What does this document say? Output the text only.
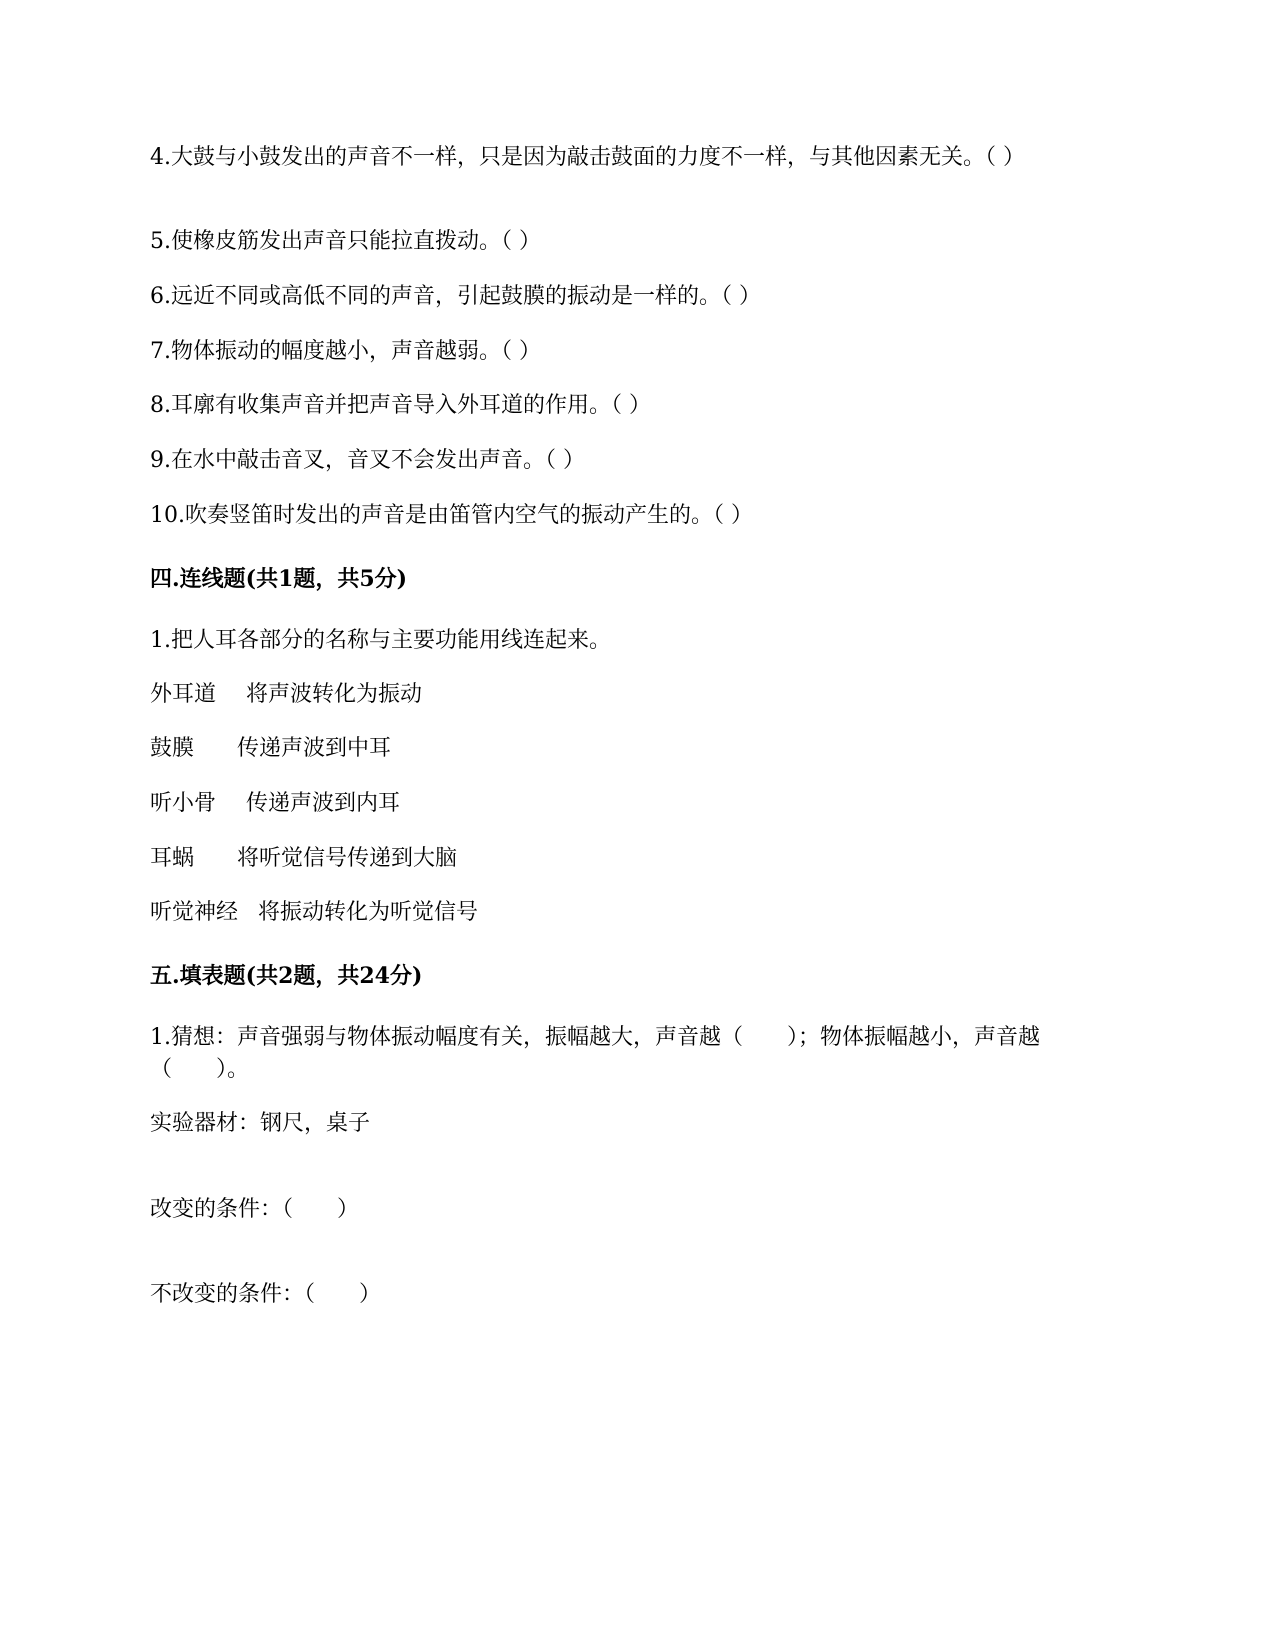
4.大鼓与小鼓发出的声音不一样，只是因为敲击鼓面的力度不一样，与其他因素无关。（ ）
5.使橡皮筋发出声音只能拉直拨动。（ ）
6.远近不同或高低不同的声音，引起鼓膜的振动是一样的。（ ）
7.物体振动的幅度越小，声音越弱。（ ）
8.耳廓有收集声音并把声音导入外耳道的作用。（ ）
9.在水中敲击音叉，音叉不会发出声音。（ ）
10.吹奏竖笛时发出的声音是由笛管内空气的振动产生的。（ ）
四.连线题(共1题，共5分)
1.把人耳各部分的名称与主要功能用线连起来。
外耳道 将声波转化为振动
鼓膜 传递声波到中耳
听小骨 传递声波到内耳
耳蜗 将听觉信号传递到大脑
听觉神经 将振动转化为听觉信号
五.填表题(共2题，共24分)
1.猜想：声音强弱与物体振动幅度有关，振幅越大，声音越（　　）；物体振幅越小，声音越（　　）。
实验器材：钢尺，桌子
改变的条件：（　　）
不改变的条件：（　　）
